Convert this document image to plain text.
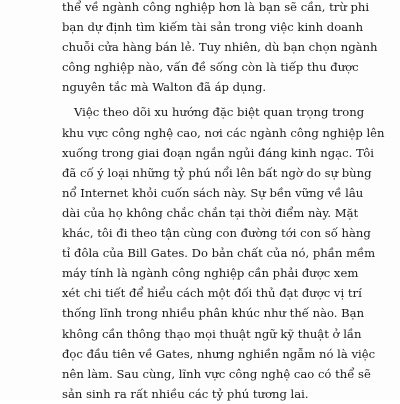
thể về ngành công nghiệp hơn là bạn sẽ cần, trừ phi
bạn dự định tìm kiếm tài sản trong việc kinh doanh
chuỗi cửa hàng bán lẻ. Tuy nhiên, dù bạn chọn ngành
công nghiệp nào, vấn đề sống còn là tiếp thu được
nguyên tắc mà Walton đã áp dụng.
Việc theo dõi xu hướng đặc biệt quan trọng trong
khu vực công nghệ cao, nơi các ngành công nghiệp lên
xuống trong giai đoạn ngắn ngủi đáng kinh ngạc. Tôi
đã cố ý loại những tỷ phú nổi lên bất ngờ do sự bùng
nổ Internet khỏi cuốn sách này. Sự bền vững về lâu
dài của họ không chắc chắn tại thời điểm này. Mặt
khác, tôi đi theo tận cùng con đường tới con số hàng
tỉ đôla của Bill Gates. Do bản chất của nó, phần mềm
máy tính là ngành công nghiệp cần phải được xem
xét chi tiết để hiểu cách một đối thủ đạt được vị trí
thống lĩnh trong nhiều phân khúc như thế nào. Bạn
không cần thông thạo mọi thuật ngữ kỹ thuật ở lần
đọc đầu tiên về Gates, nhưng nghiền ngẫm nó là việc
nên làm. Sau cùng, lĩnh vực công nghệ cao có thể sẽ
sản sinh ra rất nhiều các tỷ phú tương lai.
